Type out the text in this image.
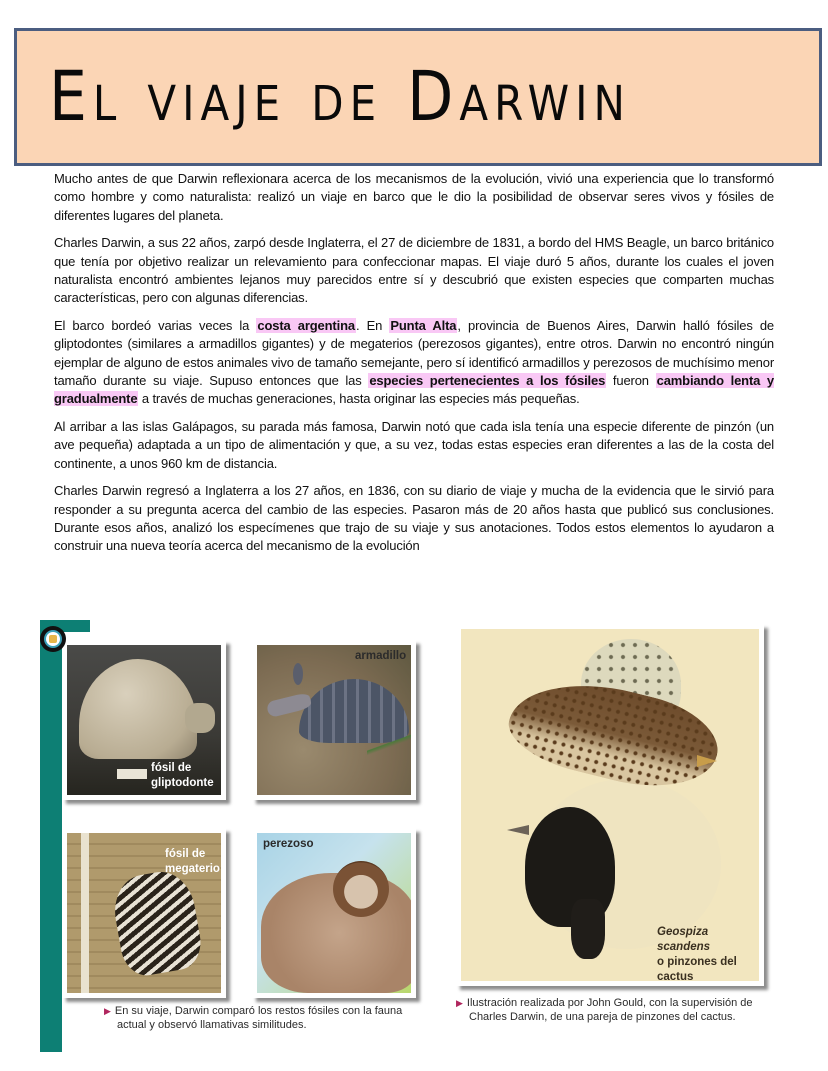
El viaje de Darwin

Mucho antes de que Darwin reflexionara acerca de los mecanismos de la evolución, vivió una experiencia que lo transformó como hombre y como naturalista: realizó un viaje en barco que le dio la posibilidad de observar seres vivos y fósiles de diferentes lugares del planeta.

Charles Darwin, a sus 22 años, zarpó desde Inglaterra, el 27 de diciembre de 1831, a bordo del HMS Beagle, un barco británico que tenía por objetivo realizar un relevamiento para confeccionar mapas. El viaje duró 5 años, durante los cuales el joven naturalista encontró ambientes lejanos muy parecidos entre sí y descubrió que existen especies que comparten muchas características, pero con algunas diferencias.

El barco bordeó varias veces la costa argentina. En Punta Alta, provincia de Buenos Aires, Darwin halló fósiles de gliptodontes (similares a armadillos gigantes) y de megaterios (perezosos gigantes), entre otros. Darwin no encontró ningún ejemplar de alguno de estos animales vivo de tamaño semejante, pero sí identificó armadillos y perezosos de muchísimo menor tamaño durante su viaje. Supuso entonces que las especies pertenecientes a los fósiles fueron cambiando lenta y gradualmente a través de muchas generaciones, hasta originar las especies más pequeñas.

Al arribar a las islas Galápagos, su parada más famosa, Darwin notó que cada isla tenía una especie diferente de pinzón (un ave pequeña) adaptada a un tipo de alimentación y que, a su vez, todas estas especies eran diferentes a las de la costa del continente, a unos 960 km de distancia.

Charles Darwin regresó a Inglaterra a los 27 años, en 1836, con su diario de viaje y mucha de la evidencia que le sirvió para responder a su pregunta acerca del cambio de las especies. Pasaron más de 20 años hasta que publicó sus conclusiones. Durante esos años, analizó los especímenes que trajo de su viaje y sus anotaciones. Todos estos elementos lo ayudaron a construir una nueva teoría acerca del mecanismo de la evolución

fósil de
gliptodonte
armadillo
fósil de
megaterio
perezoso
▶ En su viaje, Darwin comparó los restos fósiles con la fauna
actual y observó llamativas similitudes.
Geospiza scandens
o pinzones del
cactus
▶ Ilustración realizada por John Gould, con la supervisión de
Charles Darwin, de una pareja de pinzones del cactus.
